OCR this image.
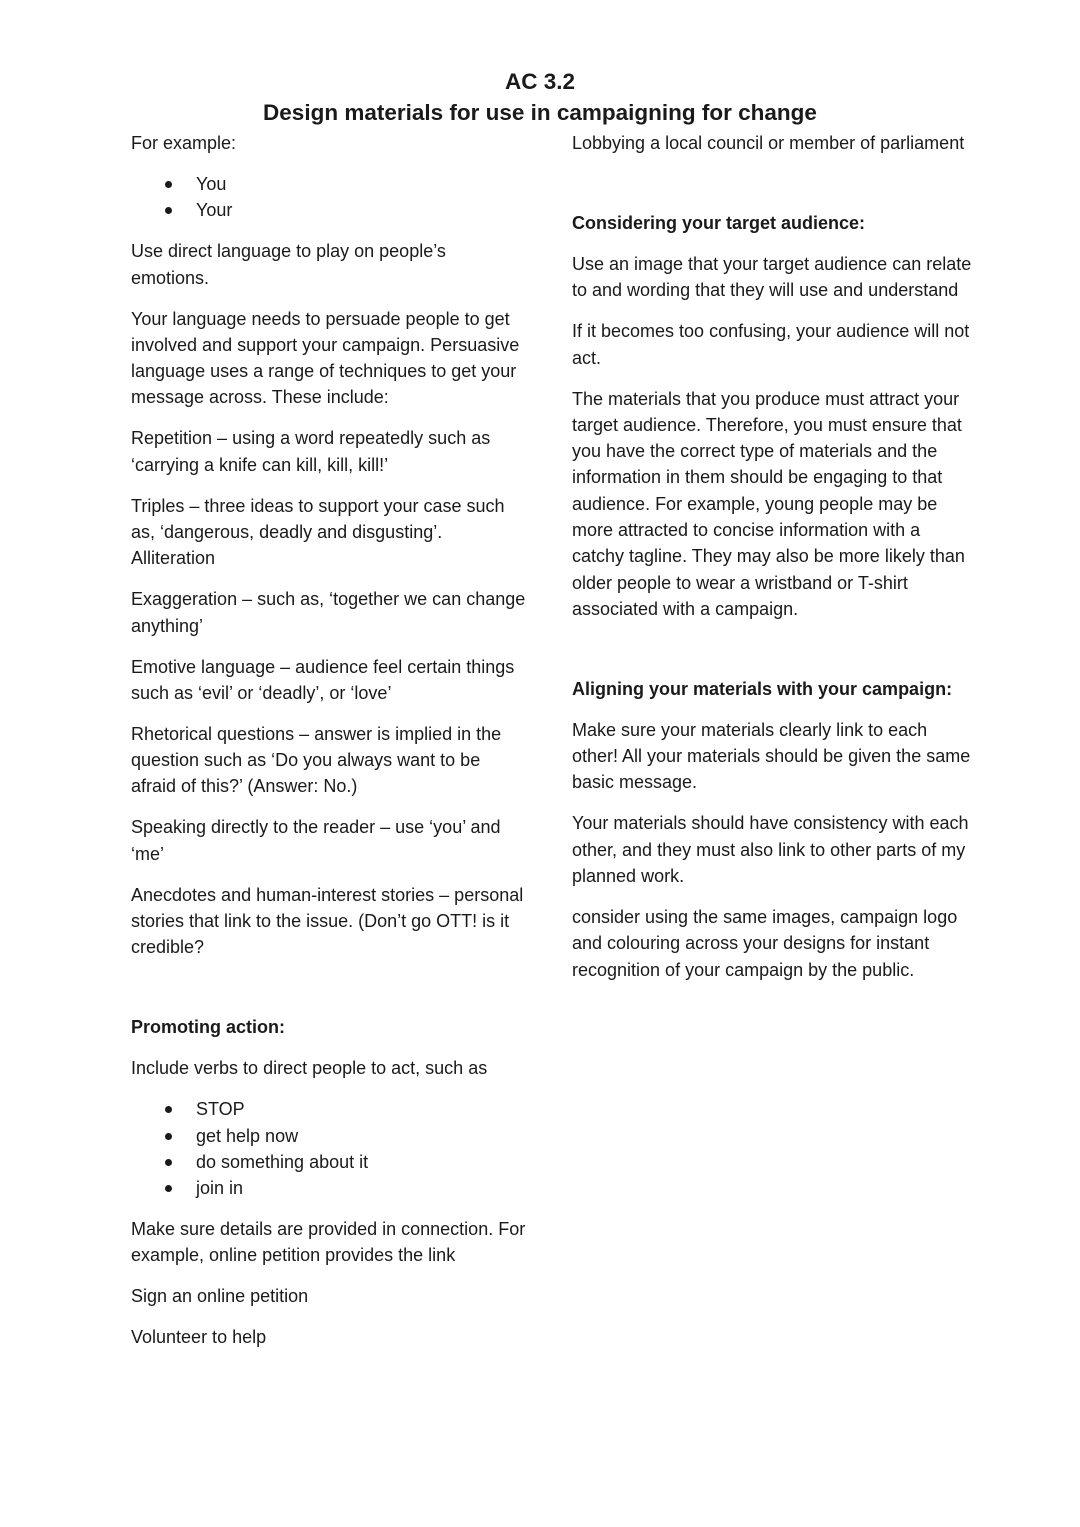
AC 3.2
Design materials for use in campaigning for change

For example:

You
Your

Use direct language to play on people’s emotions.

Your language needs to persuade people to get involved and support your campaign. Persuasive language uses a range of techniques to get your message across. These include:

Repetition – using a word repeatedly such as ‘carrying a knife can kill, kill, kill!’

Triples – three ideas to support your case such as, ‘dangerous, deadly and disgusting’.
Alliteration

Exaggeration – such as, ‘together we can change anything’

Emotive language – audience feel certain things such as ‘evil’ or ‘deadly’, or ‘love’

Rhetorical questions – answer is implied in the question such as ‘Do you always want to be afraid of this?’ (Answer: No.)

Speaking directly to the reader – use ‘you’ and ‘me’

Anecdotes and human-interest stories – personal stories that link to the issue. (Don’t go OTT! is it credible?

Promoting action:

Include verbs to direct people to act, such as

STOP
get help now
do something about it
join in

Make sure details are provided in connection. For example, online petition provides the link

Sign an online petition

Volunteer to help

Lobbying a local council or member of parliament

Considering your target audience:

Use an image that your target audience can relate to and wording that they will use and understand

If it becomes too confusing, your audience will not act.

The materials that you produce must attract your target audience. Therefore, you must ensure that you have the correct type of materials and the information in them should be engaging to that audience. For example, young people may be more attracted to concise information with a catchy tagline. They may also be more likely than older people to wear a wristband or T-shirt associated with a campaign.

Aligning your materials with your campaign:

Make sure your materials clearly link to each other! All your materials should be given the same basic message.

Your materials should have consistency with each other, and they must also link to other parts of my planned work.

consider using the same images, campaign logo and colouring across your designs for instant recognition of your campaign by the public.
